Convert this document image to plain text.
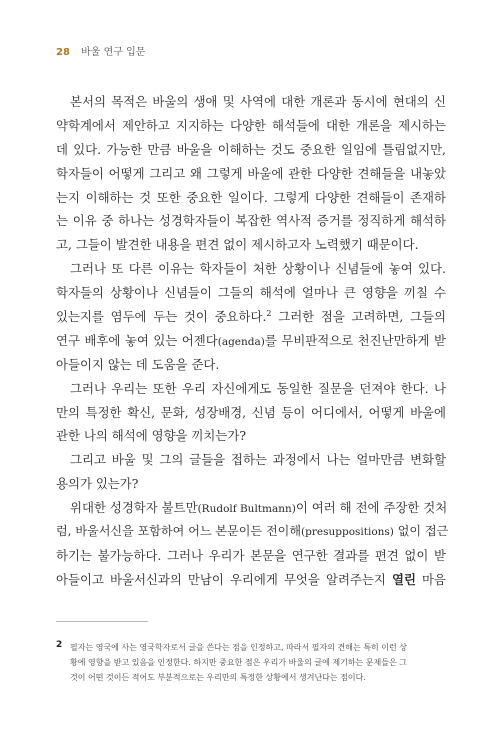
28 바울 연구 입문
본서의 목적은 바울의 생애 및 사역에 대한 개론과 동시에 현대의 신
약학계에서 제안하고 지지하는 다양한 해석들에 대한 개론을 제시하는
데 있다. 가능한 만큼 바울을 이해하는 것도 중요한 일임에 틀림없지만,
학자들이 어떻게 그리고 왜 그렇게 바울에 관한 다양한 견해들을 내놓았
는지 이해하는 것 또한 중요한 일이다. 그렇게 다양한 견해들이 존재하
는 이유 중 하나는 성경학자들이 복잡한 역사적 증거를 정직하게 해석하
고, 그들이 발견한 내용을 편견 없이 제시하고자 노력했기 때문이다.
그러나 또 다른 이유는 학자들이 처한 상황이나 신념들에 놓여 있다.
학자들의 상황이나 신념들이 그들의 해석에 얼마나 큰 영향을 끼칠 수
있는지를 염두에 두는 것이 중요하다.$^2$ 그러한 점을 고려하면, 그들의
연구 배후에 놓여 있는 어젠다(agenda)를 무비판적으로 천진난만하게 받
아들이지 않는 데 도움을 준다.
그러나 우리는 또한 우리 자신에게도 동일한 질문을 던져야 한다. 나
만의 특정한 확신, 문화, 성장배경, 신념 등이 어디에서, 어떻게 바울에
관한 나의 해석에 영향을 끼치는가?
그리고 바울 및 그의 글들을 접하는 과정에서 나는 얼마만큼 변화할
용의가 있는가?
위대한 성경학자 불트만(Rudolf Bultmann)이 여러 해 전에 주장한 것처
럼, 바울서신을 포함하여 어느 본문이든 전이해(presuppositions) 없이 접근
하기는 불가능하다. 그러나 우리가 본문을 연구한 결과를 편견 없이 받
아들이고 바울서신과의 만남이 우리에게 무엇을 알려주는지 열린 마음
2 필자는 영국에 사는 영국학자로서 글을 쓴다는 점을 인정하고, 따라서 필자의 견해는 특히 이런 상
황에 영향을 받고 있음을 인정한다. 하지만 중요한 점은 우리가 바울의 글에 제기하는 문제들은 그
것이 어떤 것이든 적어도 부분적으로는 우리만의 특정한 상황에서 생겨난다는 점이다.
